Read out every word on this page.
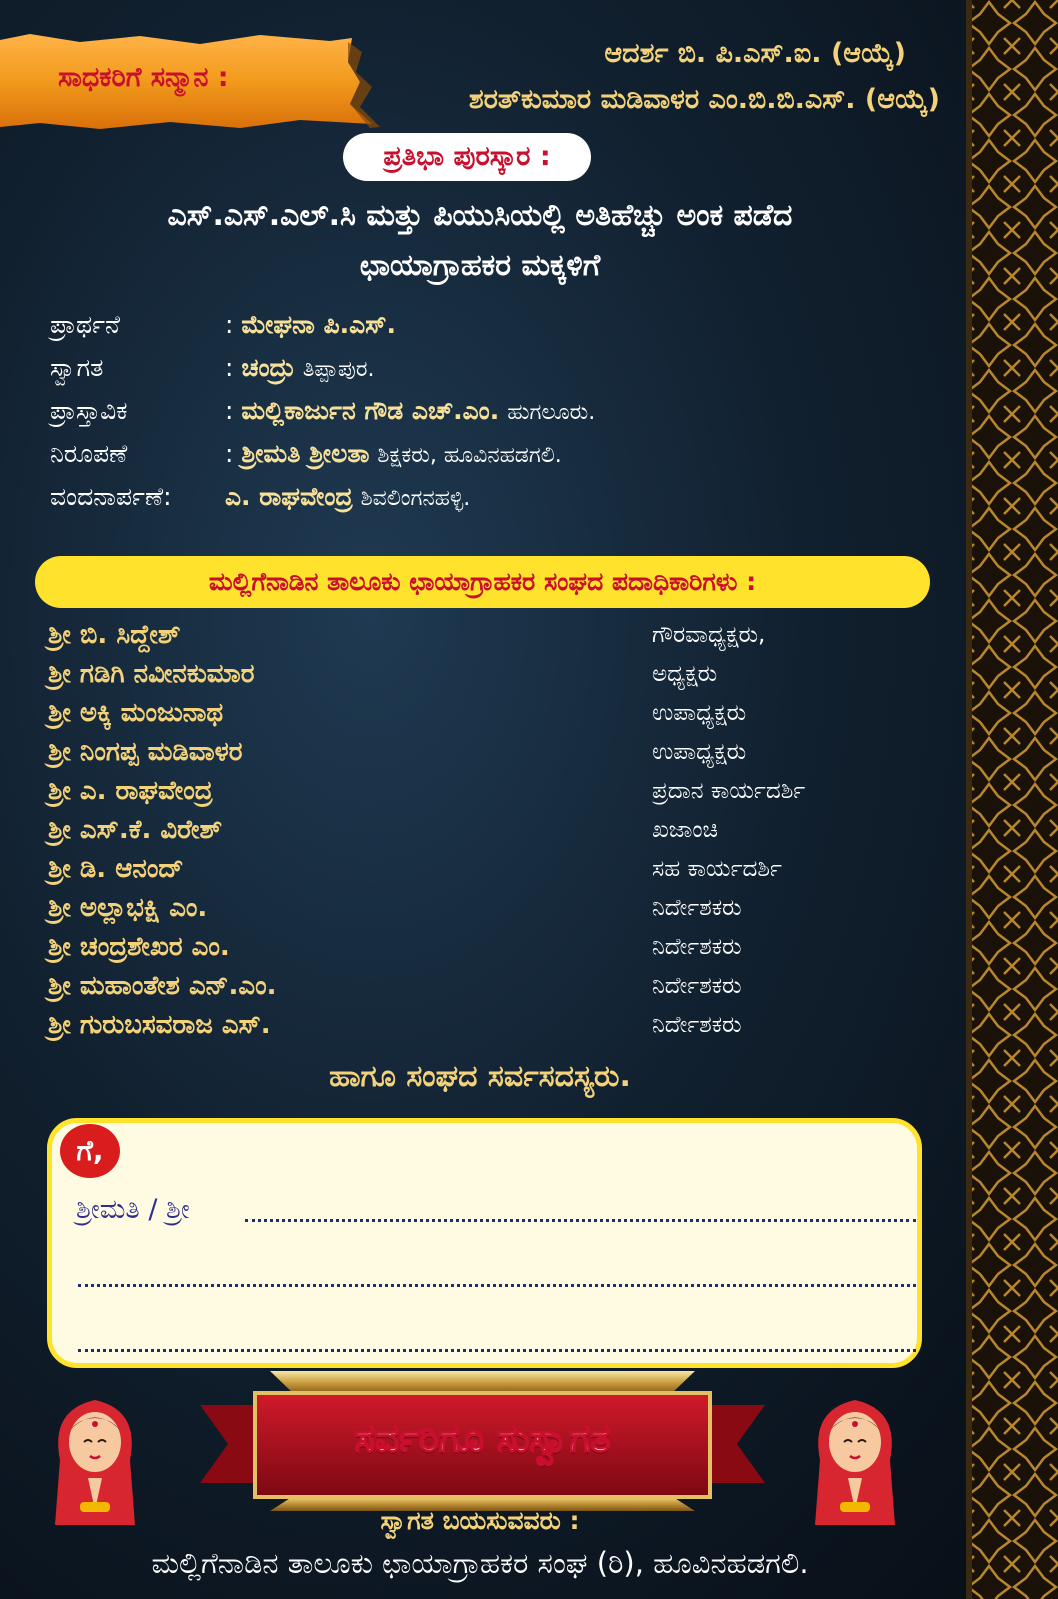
ಸಾಧಕರಿಗೆ ಸನ್ಮಾನ :
ಆದರ್ಶ ಬಿ. ಪಿ.ಎಸ್.ಐ. (ಆಯ್ಕೆ)
ಶರತ್‌ಕುಮಾರ ಮಡಿವಾಳರ ಎಂ.ಬಿ.ಬಿ.ಎಸ್. (ಆಯ್ಕೆ)
ಪ್ರತಿಭಾ ಪುರಸ್ಕಾರ :
ಎಸ್.ಎಸ್.ಎಲ್.ಸಿ ಮತ್ತು ಪಿಯುಸಿಯಲ್ಲಿ ಅತಿಹೆಚ್ಚು ಅಂಕ ಪಡೆದ
ಛಾಯಾಗ್ರಾಹಕರ ಮಕ್ಕಳಿಗೆ
ಪ್ರಾರ್ಥನೆ	: ಮೇಘನಾ ಪಿ.ಎಸ್.
ಸ್ವಾಗತ	: ಚಂದ್ರು ತಿಪ್ಪಾಪುರ.
ಪ್ರಾಸ್ತಾವಿಕ	: ಮಲ್ಲಿಕಾರ್ಜುನ ಗೌಡ ಎಚ್.ಎಂ. ಹುಗಲೂರು.
ನಿರೂಪಣೆ	: ಶ್ರೀಮತಿ ಶ್ರೀಲತಾ ಶಿಕ್ಷಕರು, ಹೂವಿನಹಡಗಲಿ.
ವಂದನಾರ್ಪಣೆ:	ಎ. ರಾಘವೇಂದ್ರ ಶಿವಲಿಂಗನಹಳ್ಳಿ.
ಮಲ್ಲಿಗೆನಾಡಿನ ತಾಲೂಕು ಛಾಯಾಗ್ರಾಹಕರ ಸಂಘದ ಪದಾಧಿಕಾರಿಗಳು :
ಶ್ರೀ ಬಿ. ಸಿದ್ದೇಶ್	ಗೌರವಾಧ್ಯಕ್ಷರು,
ಶ್ರೀ ಗಡಿಗಿ ನವೀನಕುಮಾರ	ಅಧ್ಯಕ್ಷರು
ಶ್ರೀ ಅಕ್ಕಿ ಮಂಜುನಾಥ	ಉಪಾಧ್ಯಕ್ಷರು
ಶ್ರೀ ನಿಂಗಪ್ಪ ಮಡಿವಾಳರ	ಉಪಾಧ್ಯಕ್ಷರು
ಶ್ರೀ ಎ. ರಾಘವೇಂದ್ರ	ಪ್ರದಾನ ಕಾರ್ಯದರ್ಶಿ
ಶ್ರೀ ಎಸ್.ಕೆ. ವಿರೇಶ್	ಖಜಾಂಚಿ
ಶ್ರೀ ಡಿ. ಆನಂದ್	ಸಹ ಕಾರ್ಯದರ್ಶಿ
ಶ್ರೀ ಅಲ್ಲಾಭಕ್ಷಿ ಎಂ.	ನಿರ್ದೇಶಕರು
ಶ್ರೀ ಚಂದ್ರಶೇಖರ ಎಂ.	ನಿರ್ದೇಶಕರು
ಶ್ರೀ ಮಹಾಂತೇಶ ಎನ್.ಎಂ.	ನಿರ್ದೇಶಕರು
ಶ್ರೀ ಗುರುಬಸವರಾಜ ಎಸ್.	ನಿರ್ದೇಶಕರು
ಹಾಗೂ ಸಂಘದ ಸರ್ವಸದಸ್ಯರು.
ಗೆ,
ಶ್ರೀಮತಿ / ಶ್ರೀ
ಸರ್ವರಿಗೂ ಸುಸ್ವಾಗತ
ಸ್ವಾಗತ ಬಯಸುವವರು :
ಮಲ್ಲಿಗೆನಾಡಿನ ತಾಲೂಕು ಛಾಯಾಗ್ರಾಹಕರ ಸಂಘ (ರಿ), ಹೂವಿನಹಡಗಲಿ.
